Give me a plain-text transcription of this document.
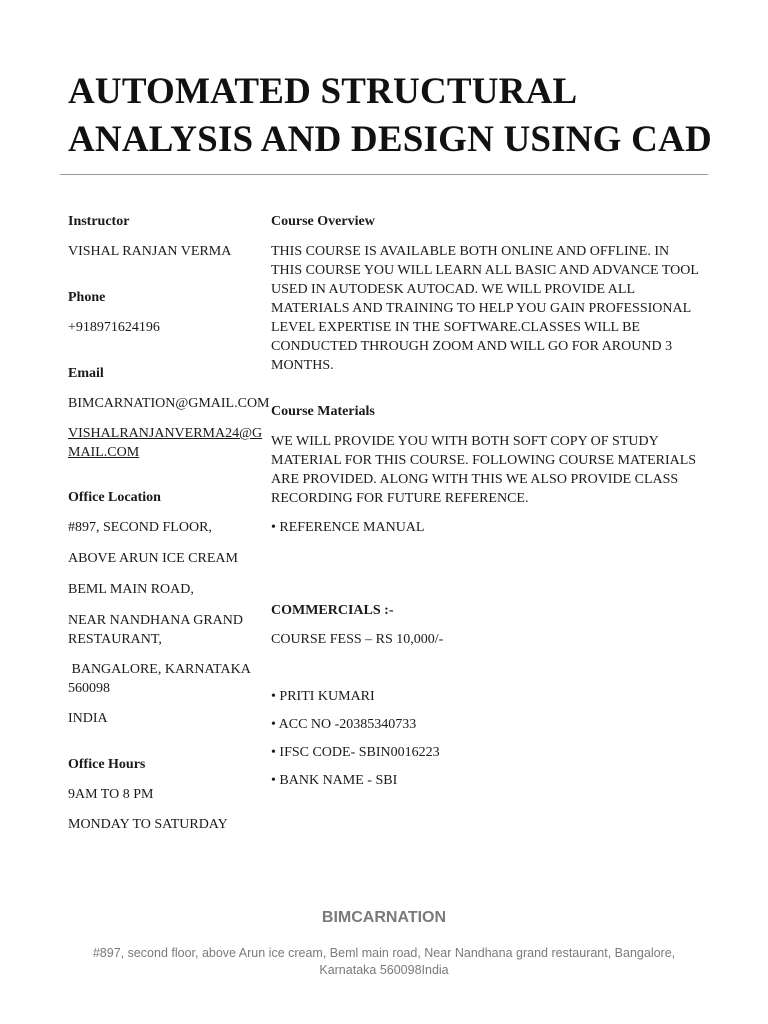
AUTOMATED STRUCTURAL
ANALYSIS AND DESIGN USING CAD

Instructor

VISHAL RANJAN VERMA

Phone

+918971624196

Email

BIMCARNATION@GMAIL.COM

VISHALRANJANVERMA24@G
MAIL.COM

Office Location

#897, SECOND FLOOR,

ABOVE ARUN ICE CREAM

BEML MAIN ROAD,

NEAR NANDHANA GRAND
RESTAURANT,

BANGALORE, KARNATAKA
560098

INDIA

Office Hours

9AM TO 8 PM

MONDAY TO SATURDAY

Course Overview

THIS COURSE IS AVAILABLE BOTH ONLINE AND OFFLINE. IN

THIS COURSE YOU WILL LEARN ALL BASIC AND ADVANCE TOOL

USED IN AUTODESK AUTOCAD. WE WILL PROVIDE ALL

MATERIALS AND TRAINING TO HELP YOU GAIN PROFESSIONAL

LEVEL EXPERTISE IN THE SOFTWARE.CLASSES WILL BE

CONDUCTED THROUGH ZOOM AND WILL GO FOR AROUND 3

MONTHS.

Course Materials

WE WILL PROVIDE YOU WITH BOTH SOFT COPY OF STUDY

MATERIAL FOR THIS COURSE. FOLLOWING COURSE MATERIALS

ARE PROVIDED. ALONG WITH THIS WE ALSO PROVIDE CLASS

RECORDING FOR FUTURE REFERENCE.

• REFERENCE MANUAL

COMMERCIALS :-

COURSE FESS – RS 10,000/-

• PRITI KUMARI

• ACC NO -20385340733

• IFSC CODE- SBIN0016223

• BANK NAME - SBI

BIMCARNATION
#897, second floor, above Arun ice cream, Beml main road, Near Nandhana grand restaurant, Bangalore,
Karnataka 560098India
